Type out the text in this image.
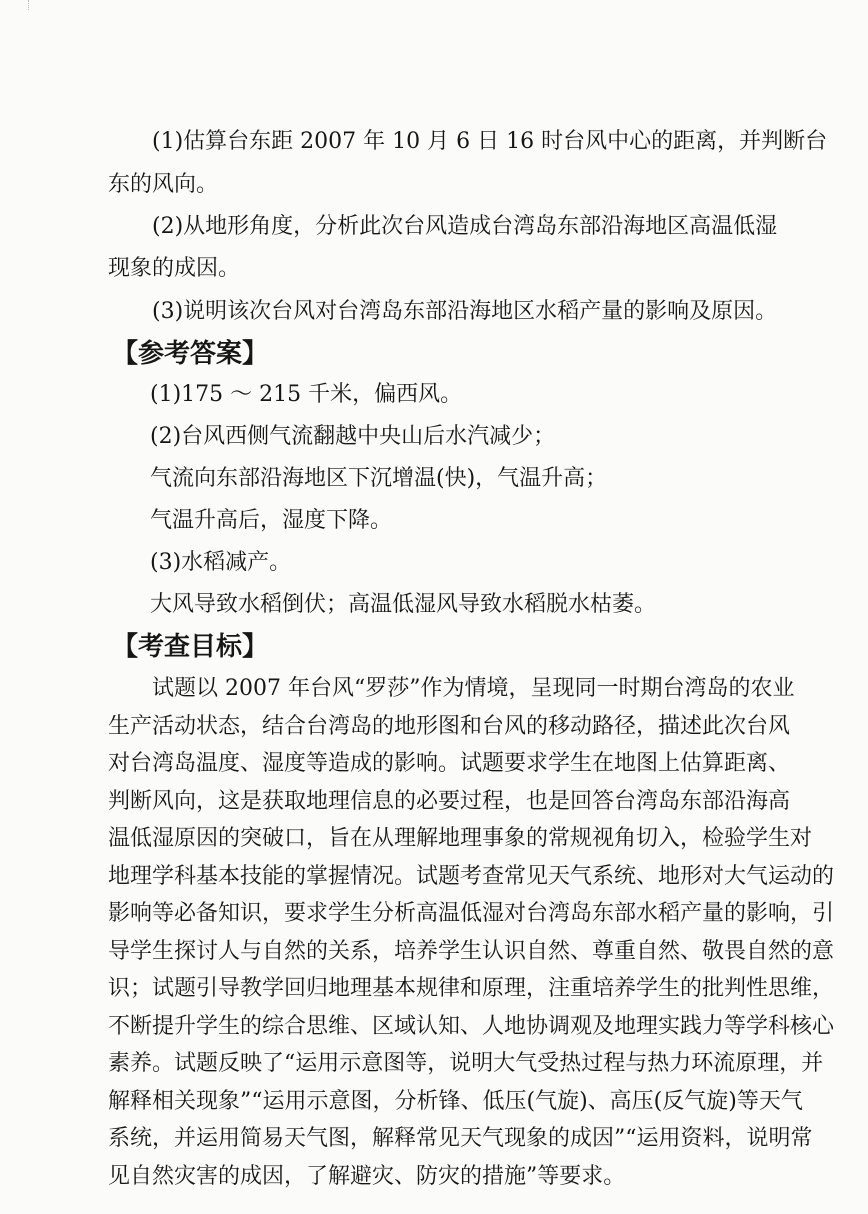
(1)估算台东距 2007 年 10 月 6 日 16 时台风中心的距离，并判断台
东的风向。
(2)从地形角度，分析此次台风造成台湾岛东部沿海地区高温低湿
现象的成因。
(3)说明该次台风对台湾岛东部沿海地区水稻产量的影响及原因。
【参考答案】
(1)175 ～ 215 千米，偏西风。
(2)台风西侧气流翻越中央山后水汽减少；
气流向东部沿海地区下沉增温(快)，气温升高；
气温升高后，湿度下降。
(3)水稻减产。
大风导致水稻倒伏；高温低湿风导致水稻脱水枯萎。
【考查目标】
试题以 2007 年台风“罗莎”作为情境，呈现同一时期台湾岛的农业
生产活动状态，结合台湾岛的地形图和台风的移动路径，描述此次台风
对台湾岛温度、湿度等造成的影响。试题要求学生在地图上估算距离、
判断风向，这是获取地理信息的必要过程，也是回答台湾岛东部沿海高
温低湿原因的突破口，旨在从理解地理事象的常规视角切入，检验学生对
地理学科基本技能的掌握情况。试题考查常见天气系统、地形对大气运动的
影响等必备知识，要求学生分析高温低湿对台湾岛东部水稻产量的影响，引
导学生探讨人与自然的关系，培养学生认识自然、尊重自然、敬畏自然的意
识；试题引导教学回归地理基本规律和原理，注重培养学生的批判性思维，
不断提升学生的综合思维、区域认知、人地协调观及地理实践力等学科核心
素养。试题反映了“运用示意图等，说明大气受热过程与热力环流原理，并
解释相关现象”“运用示意图，分析锋、低压(气旋)、高压(反气旋)等天气
系统，并运用简易天气图，解释常见天气现象的成因”“运用资料，说明常
见自然灾害的成因，了解避灾、防灾的措施”等要求。
